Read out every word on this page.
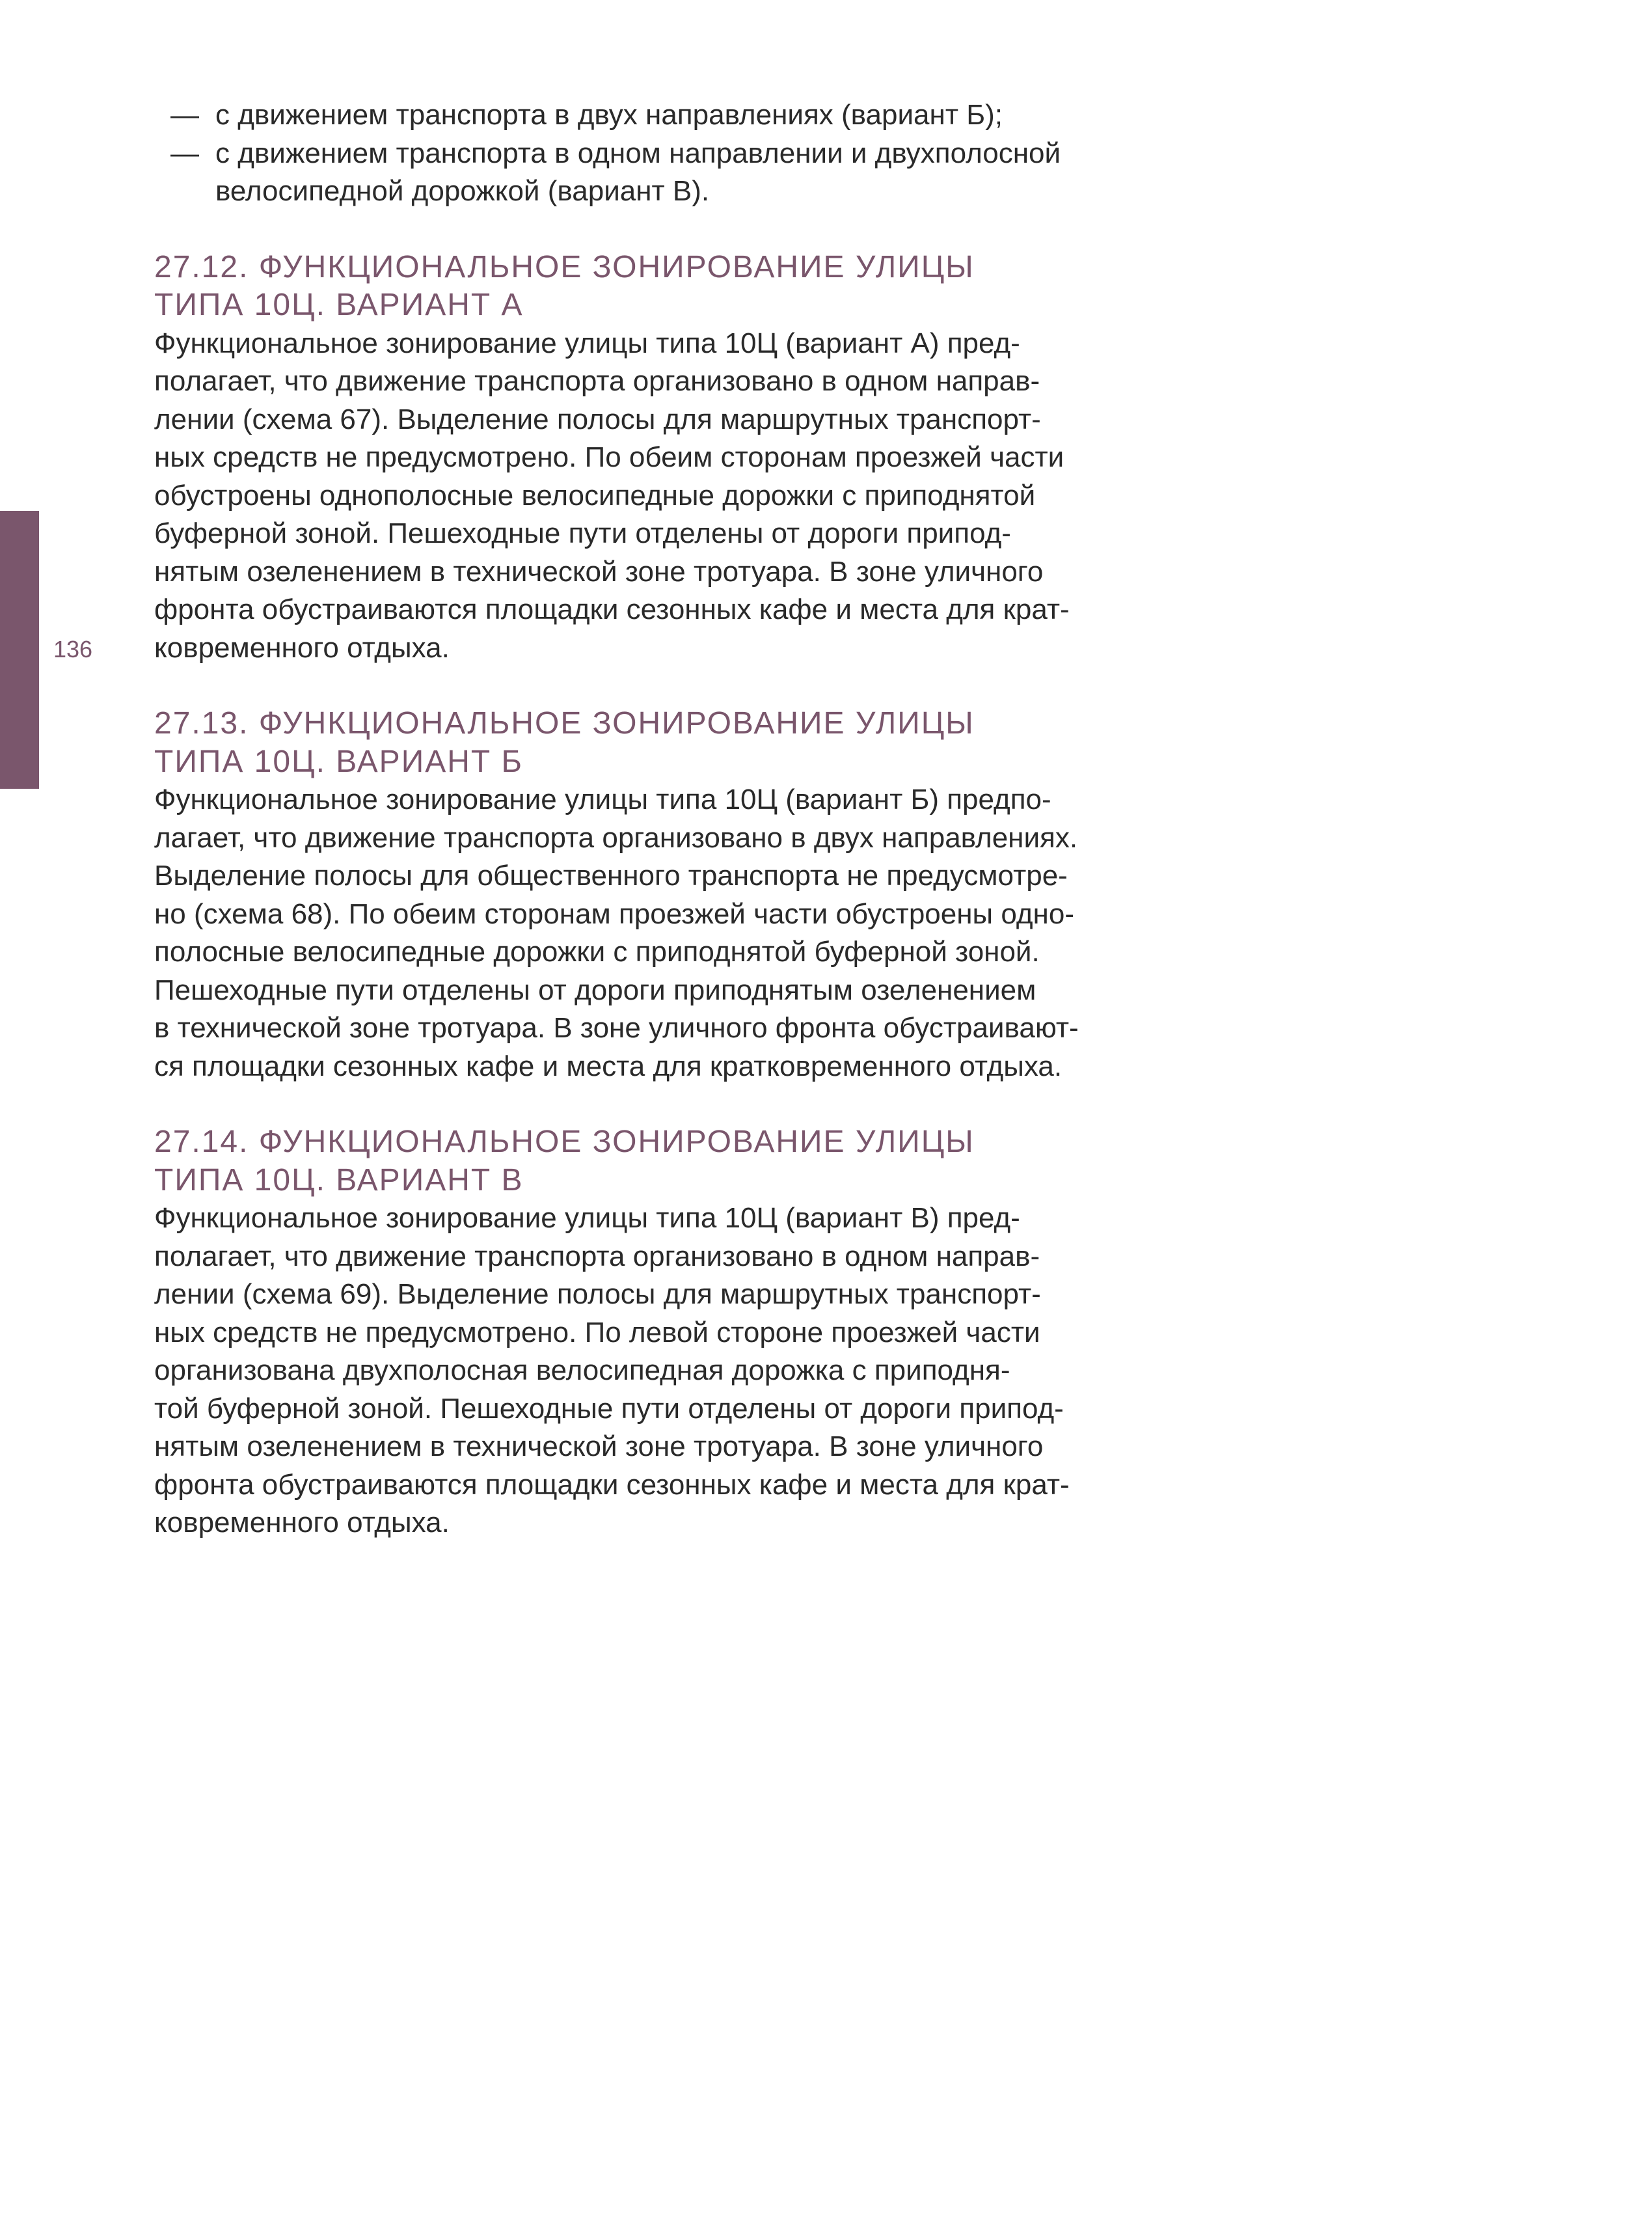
136
— с движением транспорта в двух направлениях (вариант Б);
— с движением транспорта в одном направлении и двухполосной
велосипедной дорожкой (вариант В).
27.12. ФУНКЦИОНАЛЬНОЕ ЗОНИРОВАНИЕ УЛИЦЫ
ТИПА 10Ц. ВАРИАНТ А
Функциональное зонирование улицы типа 10Ц (вариант А) пред-
полагает, что движение транспорта организовано в одном направ-
лении (схема 67). Выделение полосы для маршрутных транспорт-
ных средств не предусмотрено. По обеим сторонам проезжей части
обустроены однополосные велосипедные дорожки с приподнятой
буферной зоной. Пешеходные пути отделены от дороги припод-
нятым озеленением в технической зоне тротуара. В зоне уличного
фронта обустраиваются площадки сезонных кафе и места для крат-
ковременного отдыха.
27.13. ФУНКЦИОНАЛЬНОЕ ЗОНИРОВАНИЕ УЛИЦЫ
ТИПА 10Ц. ВАРИАНТ Б
Функциональное зонирование улицы типа 10Ц (вариант Б) предпо-
лагает, что движение транспорта организовано в двух направлениях.
Выделение полосы для общественного транспорта не предусмотре-
но (схема 68). По обеим сторонам проезжей части обустроены одно-
полосные велосипедные дорожки с приподнятой буферной зоной.
Пешеходные пути отделены от дороги приподнятым озеленением
в технической зоне тротуара. В зоне уличного фронта обустраивают-
ся площадки сезонных кафе и места для кратковременного отдыха.
27.14. ФУНКЦИОНАЛЬНОЕ ЗОНИРОВАНИЕ УЛИЦЫ
ТИПА 10Ц. ВАРИАНТ В
Функциональное зонирование улицы типа 10Ц (вариант В) пред-
полагает, что движение транспорта организовано в одном направ-
лении (схема 69). Выделение полосы для маршрутных транспорт-
ных средств не предусмотрено. По левой стороне проезжей части
организована двухполосная велосипедная дорожка с приподня-
той буферной зоной. Пешеходные пути отделены от дороги припод-
нятым озеленением в технической зоне тротуара. В зоне уличного
фронта обустраиваются площадки сезонных кафе и места для крат-
ковременного отдыха.
